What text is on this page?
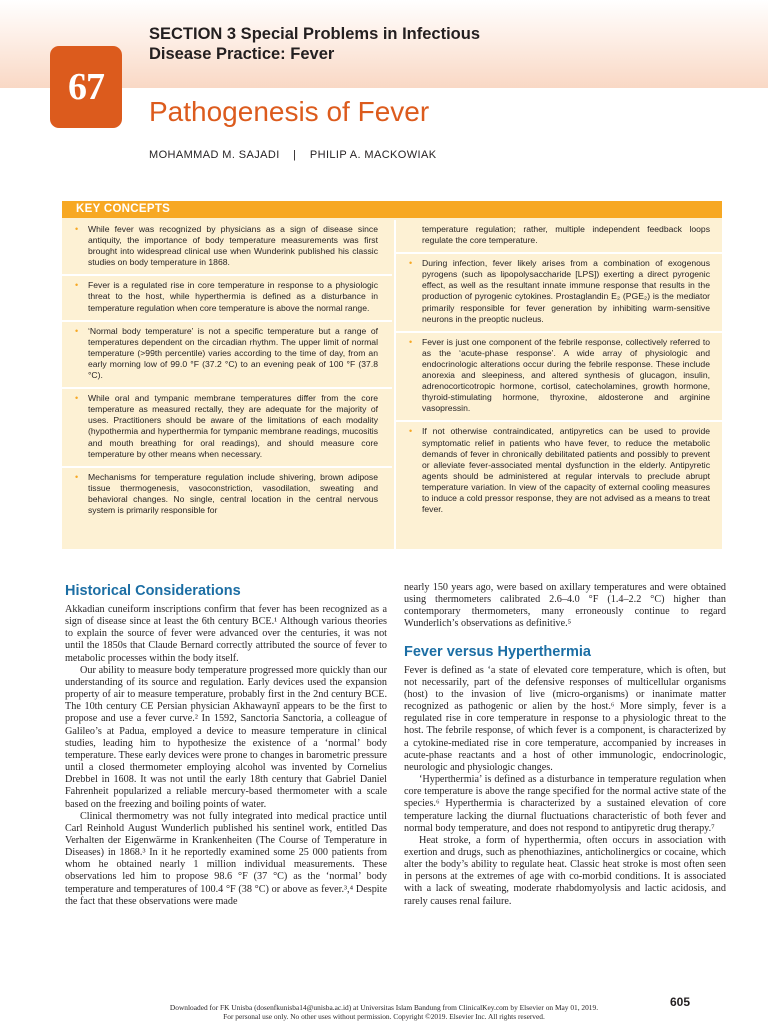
67
SECTION 3 Special Problems in Infectious
Disease Practice: Fever
Pathogenesis of Fever
MOHAMMAD M. SAJADI | PHILIP A. MACKOWIAK
KEY CONCEPTS
• While fever was recognized by physicians as a sign of disease since antiquity, the importance of body temperature measurements was first brought into widespread clinical use when Wunderink published his classic studies on body temperature in 1868.
• Fever is a regulated rise in core temperature in response to a physiologic threat to the host, while hyperthermia is defined as a disturbance in temperature regulation when core temperature is above the normal range.
• ‘Normal body temperature’ is not a specific temperature but a range of temperatures dependent on the circadian rhythm. The upper limit of normal temperature (>99th percentile) varies according to the time of day, from an early morning low of 99.0 °F (37.2 °C) to an evening peak of 100 °F (37.8 °C).
• While oral and tympanic membrane temperatures differ from the core temperature as measured rectally, they are adequate for the majority of uses. Practitioners should be aware of the limitations of each modality (hypothermia and hyperthermia for tympanic membrane readings, mucositis and mouth breathing for oral readings), and should measure core temperature by other means when necessary.
• Mechanisms for temperature regulation include shivering, brown adipose tissue thermogenesis, vasoconstriction, vasodilation, sweating and behavioral changes. No single, central location in the central nervous system is primarily responsible for
temperature regulation; rather, multiple independent feedback loops regulate the core temperature.
• During infection, fever likely arises from a combination of exogenous pyrogens (such as lipopolysaccharide [LPS]) exerting a direct pyrogenic effect, as well as the resultant innate immune response that results in the production of pyrogenic cytokines. Prostaglandin E₂ (PGE₂) is the mediator primarily responsible for fever generation by inhibiting warm-sensitive neurons in the preoptic nucleus.
• Fever is just one component of the febrile response, collectively referred to as the ‘acute-phase response’. A wide array of physiologic and endocrinologic alterations occur during the febrile response. These include anorexia and sleepiness, and altered synthesis of glucagon, insulin, adrenocorticotropic hormone, cortisol, catecholamines, growth hormone, thyroid-stimulating hormone, thyroxine, aldosterone and arginine vasopressin.
• If not otherwise contraindicated, antipyretics can be used to provide symptomatic relief in patients who have fever, to reduce the metabolic demands of fever in chronically debilitated patients and possibly to prevent or alleviate fever-associated mental dysfunction in the elderly. Antipyretic agents should be administered at regular intervals to preclude abrupt temperature variation. In view of the capacity of external cooling measures to induce a cold pressor response, they are not advised as a means to treat fever.
Historical Considerations

Akkadian cuneiform inscriptions confirm that fever has been recognized as a sign of disease since at least the 6th century BCE.¹ Although various theories to explain the source of fever were advanced over the centuries, it was not until the 1850s that Claude Bernard correctly attributed the source of fever to metabolic processes within the body itself.

Our ability to measure body temperature progressed more quickly than our understanding of its source and regulation. Early devices used the expansion property of air to measure temperature, probably first in the 2nd century BCE. The 10th century CE Persian physician Akhawaynī appears to be the first to propose and use a fever curve.² In 1592, Sanctoria Sanctoria, a colleague of Galileo’s at Padua, employed a device to measure temperature in clinical studies, leading him to hypothesize the existence of a ‘normal’ body temperature. These early devices were prone to changes in barometric pressure until a closed thermometer employing alcohol was invented by Cornelius Drebbel in 1608. It was not until the early 18th century that Gabriel Daniel Fahrenheit popularized a reliable mercury-based thermometer with a scale based on the freezing and boiling points of water.

Clinical thermometry was not fully integrated into medical practice until Carl Reinhold August Wunderlich published his sentinel work, entitled Das Verhalten der Eigenwärme in Krankenheiten (The Course of Temperature in Diseases) in 1868.³ In it he reportedly examined some 25 000 patients from whom he obtained nearly 1 million individual measurements. These observations led him to propose 98.6 °F (37 °C) as the ‘normal’ body temperature and temperatures of 100.4 °F (38 °C) or above as fever.³,⁴ Despite the fact that these observations were made

nearly 150 years ago, were based on axillary temperatures and were obtained using thermometers calibrated 2.6–4.0 °F (1.4–2.2 °C) higher than contemporary thermometers, many erroneously continue to regard Wunderlich’s observations as definitive.⁵

Fever versus Hyperthermia

Fever is defined as ‘a state of elevated core temperature, which is often, but not necessarily, part of the defensive responses of multicellular organisms (host) to the invasion of live (micro-organisms) or inanimate matter recognized as pathogenic or alien by the host.⁶ More simply, fever is a regulated rise in core temperature in response to a physiologic threat to the host. The febrile response, of which fever is a component, is characterized by a cytokine-mediated rise in core temperature, accompanied by increases in acute-phase reactants and a host of other immunologic, endocrinologic, neurologic and physiologic changes.

‘Hyperthermia’ is defined as a disturbance in temperature regulation when core temperature is above the range specified for the normal active state of the species.⁶ Hyperthermia is characterized by a sustained elevation of core temperature lacking the diurnal fluctuations characteristic of both fever and normal body temperature, and does not respond to antipyretic drug therapy.⁷

Heat stroke, a form of hyperthermia, often occurs in association with exertion and drugs, such as phenothiazines, anticholinergics or cocaine, which alter the body’s ability to regulate heat. Classic heat stroke is most often seen in persons at the extremes of age with co-morbid conditions. It is associated with a lack of sweating, moderate rhabdomyolysis and lactic acidosis, and rarely causes renal failure.

605
Downloaded for FK Unisba (dosenfkunisba14@unisba.ac.id) at Universitas Islam Bandung from ClinicalKey.com by Elsevier on May 01, 2019.
For personal use only. No other uses without permission. Copyright ©2019. Elsevier Inc. All rights reserved.
